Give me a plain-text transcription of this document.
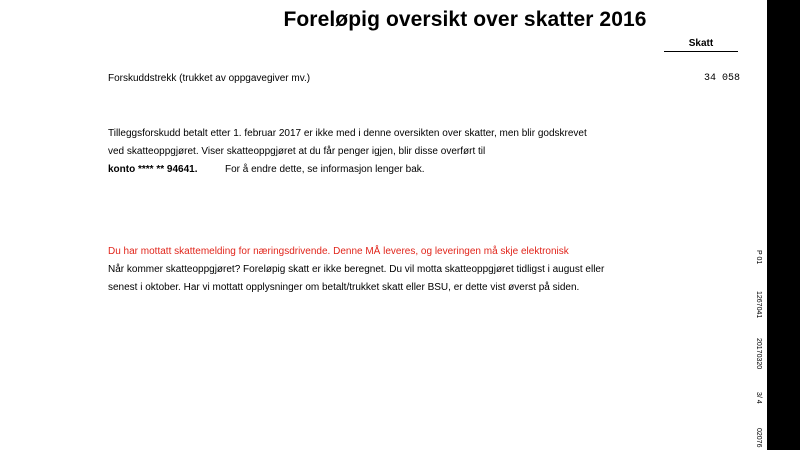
Foreløpig oversikt over skatter 2016
Skatt
Forskuddstrekk (trukket av oppgavegiver mv.)	34 058
Tilleggsforskudd betalt etter 1. februar 2017 er ikke med i denne oversikten over skatter, men blir godskrevet
ved skatteoppgjøret. Viser skatteoppgjøret at du får penger igjen, blir disse overført til
konto **** ** 94641.	For å endre dette, se informasjon lenger bak.
Du har mottatt skattemelding for næringsdrivende. Denne MÅ leveres, og leveringen må skje elektronisk
Når kommer skatteoppgjøret? Foreløpig skatt er ikke beregnet. Du vil motta skatteoppgjøret tidligst i august eller
senest i oktober. Har vi mottatt opplysninger om betalt/trukket skatt eller BSU, er dette vist øverst på siden.
P 01
1267041
20170320
3/ 4
02076
